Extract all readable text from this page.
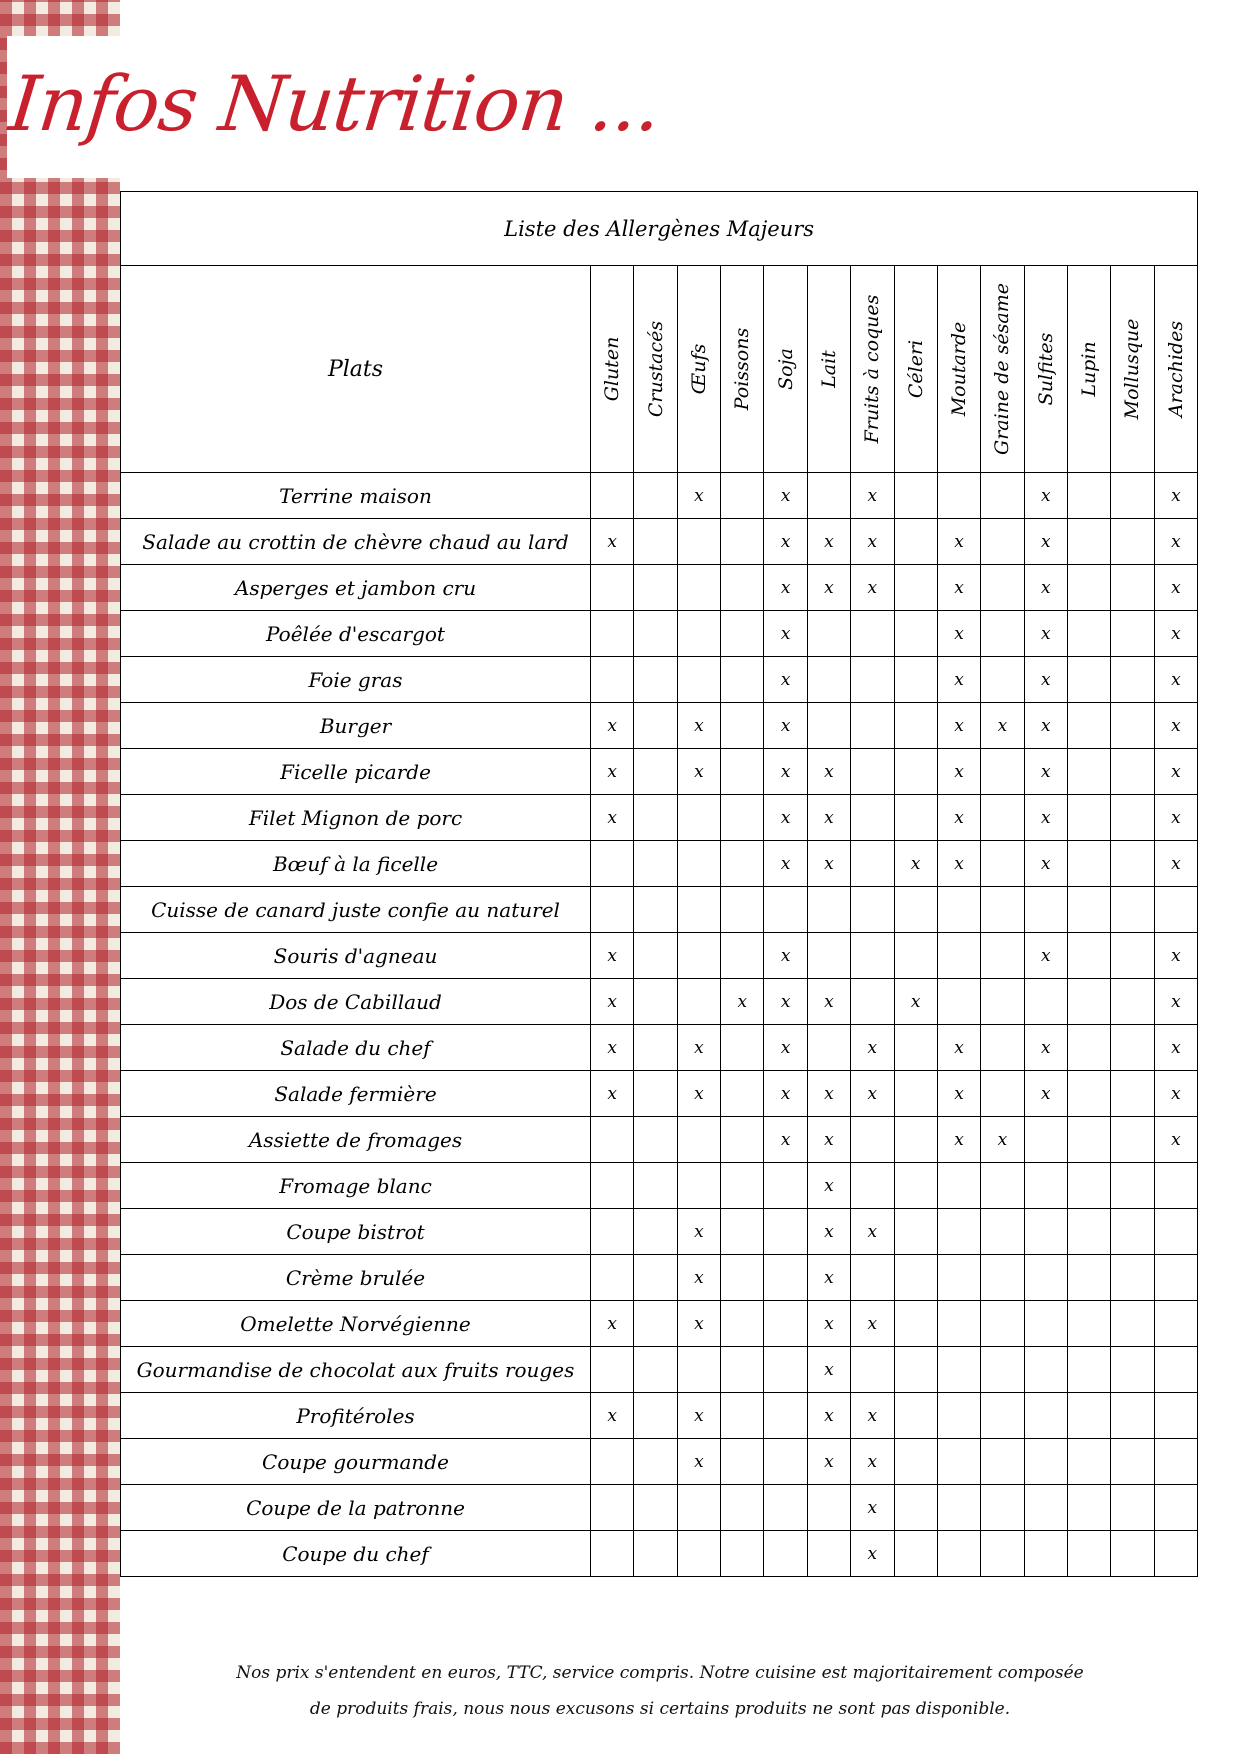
Infos Nutrition ...
Liste des Allergènes Majeurs														
Plats	Gluten	Crustacés	Œufs	Poissons	Soja	Lait	Fruits à coques	Céleri	Moutarde	Graine de sésame	Sulfites	Lupin	Mollusque	Arachides

Terrine maison			x		x		x				x			x
Salade au crottin de chèvre chaud au lard	x				x	x	x		x		x			x
Asperges et jambon cru					x	x	x		x		x			x
Poêlée d'escargot					x				x		x			x
Foie gras					x				x		x			x
Burger	x		x		x				x	x	x			x
Ficelle picarde	x		x		x	x			x		x			x
Filet Mignon de porc	x				x	x			x		x			x
Bœuf à la ficelle					x	x		x	x		x			x
Cuisse de canard juste confie au naturel														
Souris d'agneau	x				x						x			x
Dos de Cabillaud	x			x	x	x		x						x
Salade du chef	x		x		x		x		x		x			x
Salade fermière	x		x		x	x	x		x		x			x
Assiette de fromages					x	x			x	x				x
Fromage blanc						x								
Coupe bistrot			x			x	x							
Crème brulée			x			x								
Omelette Norvégienne	x		x			x	x							
Gourmandise de chocolat aux fruits rouges						x								
Profitéroles	x		x			x	x							
Coupe gourmande			x			x	x							
Coupe de la patronne							x							
Coupe du chef							x							

Nos prix s'entendent en euros, TTC, service compris. Notre cuisine est majoritairement composée

de produits frais, nous nous excusons si certains produits ne sont pas disponible.
